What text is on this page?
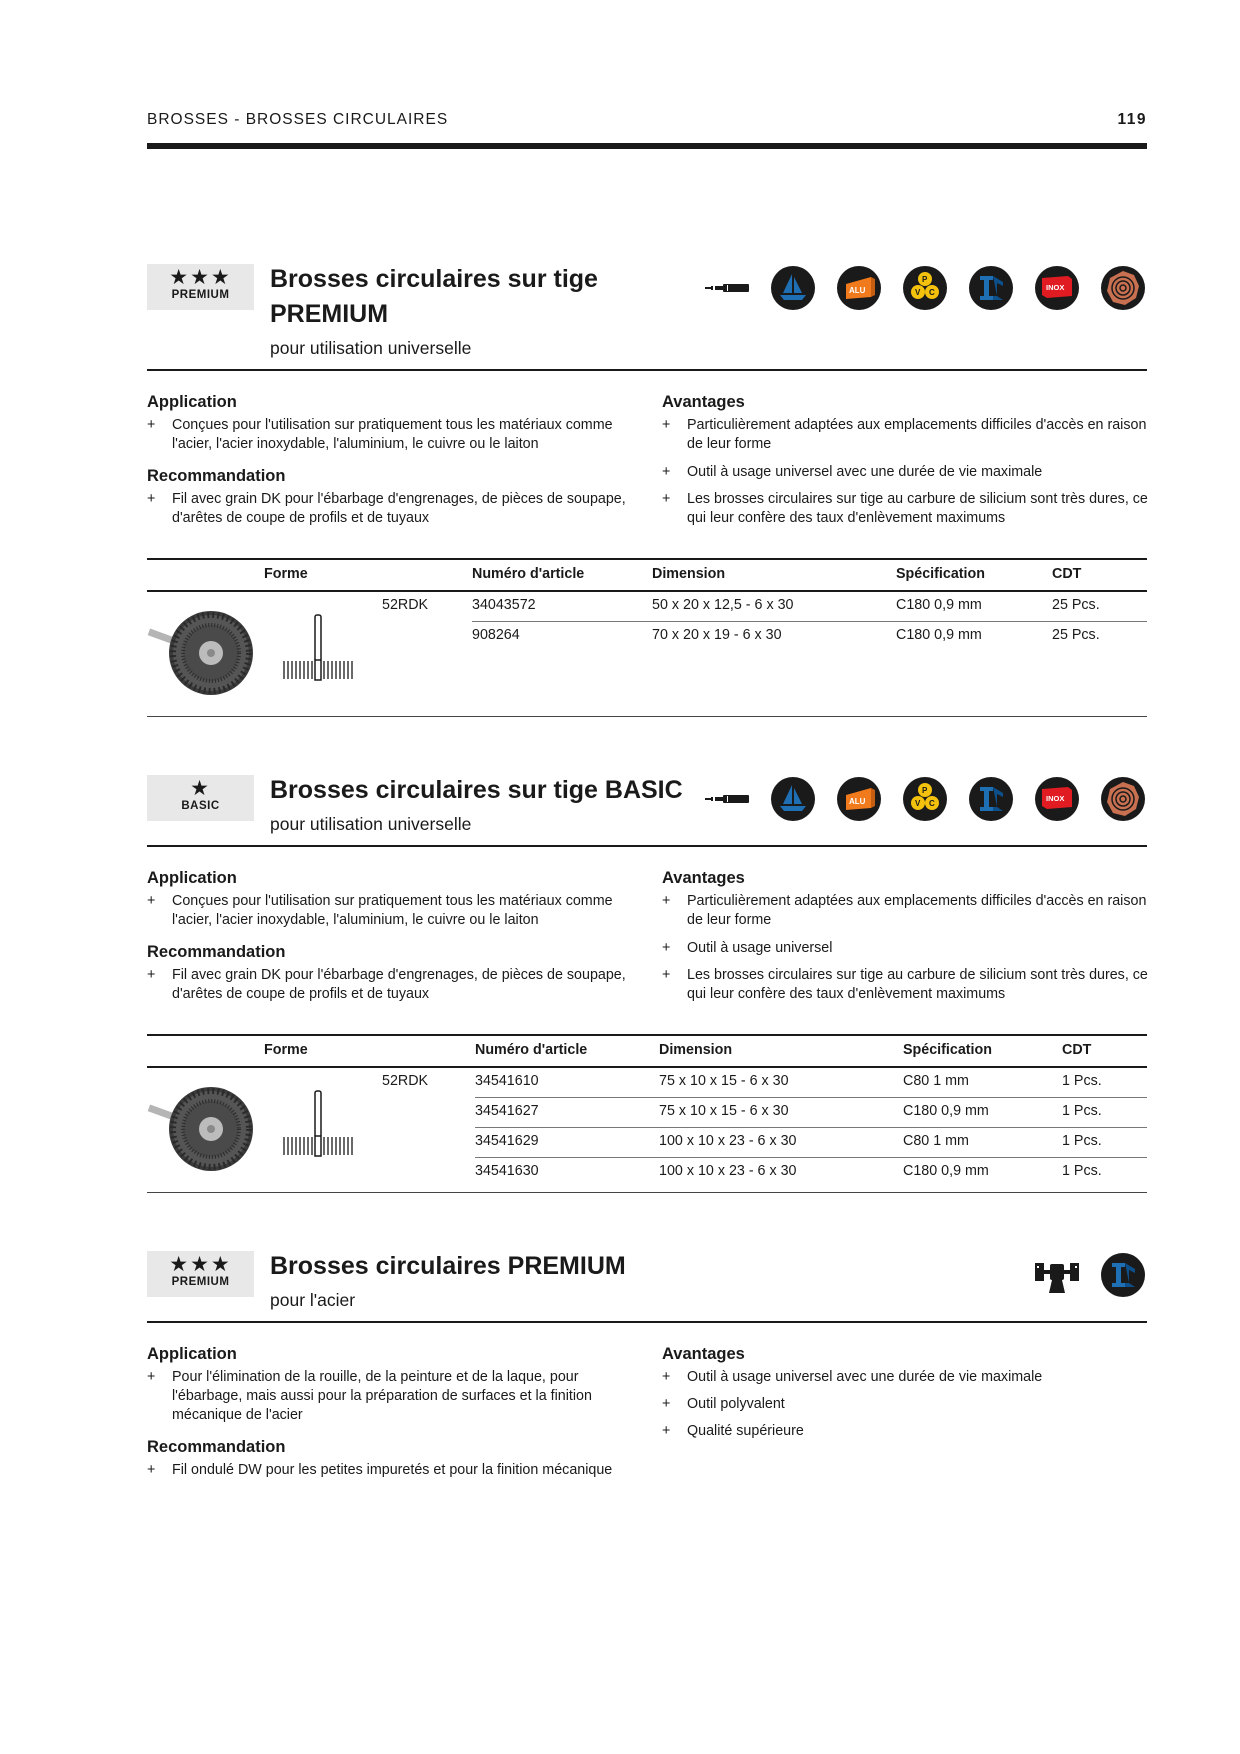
BROSSES - BROSSES CIRCULAIRES	119
★★★
PREMIUM
Brosses circulaires sur tige
PREMIUM
pour utilisation universelle
ALU
P
V C
INOX
Application
+ Conçues pour l'utilisation sur pratiquement tous les matériaux comme l'acier, l'acier inoxydable, l'aluminium, le cuivre ou le laiton
Recommandation
+ Fil avec grain DK pour l'ébarbage d'engrenages, de pièces de soupape, d'arêtes de coupe de profils et de tuyaux
Avantages
+ Particulièrement adaptées aux emplacements difficiles d'accès en raison de leur forme
+ Outil à usage universel avec une durée de vie maximale
+ Les brosses circulaires sur tige au carbure de silicium sont très dures, ce qui leur confère des taux d'enlèvement maximums
Forme	Numéro d'article	Dimension	Spécification	CDT
52RDK	34043572	50 x 20 x 12,5 - 6 x 30	C180 0,9 mm	25 Pcs.
908264	70 x 20 x 19 - 6 x 30	C180 0,9 mm	25 Pcs.
★
BASIC
Brosses circulaires sur tige BASIC
pour utilisation universelle
ALU
P
V C
INOX
Application
+ Conçues pour l'utilisation sur pratiquement tous les matériaux comme l'acier, l'acier inoxydable, l'aluminium, le cuivre ou le laiton
Recommandation
+ Fil avec grain DK pour l'ébarbage d'engrenages, de pièces de soupape, d'arêtes de coupe de profils et de tuyaux
Avantages
+ Particulièrement adaptées aux emplacements difficiles d'accès en raison de leur forme
+ Outil à usage universel
+ Les brosses circulaires sur tige au carbure de silicium sont très dures, ce qui leur confère des taux d'enlèvement maximums
Forme	Numéro d'article	Dimension	Spécification	CDT
52RDK	34541610	75 x 10 x 15 - 6 x 30	C80 1 mm	1 Pcs.
34541627	75 x 10 x 15 - 6 x 30	C180 0,9 mm	1 Pcs.
34541629	100 x 10 x 23 - 6 x 30	C80 1 mm	1 Pcs.
34541630	100 x 10 x 23 - 6 x 30	C180 0,9 mm	1 Pcs.
★★★
PREMIUM
Brosses circulaires PREMIUM
pour l'acier
Application
+ Pour l'élimination de la rouille, de la peinture et de la laque, pour l'ébarbage, mais aussi pour la préparation de surfaces et la finition mécanique de l'acier
Recommandation
+ Fil ondulé DW pour les petites impuretés et pour la finition mécanique
Avantages
+ Outil à usage universel avec une durée de vie maximale
+ Outil polyvalent
+ Qualité supérieure
